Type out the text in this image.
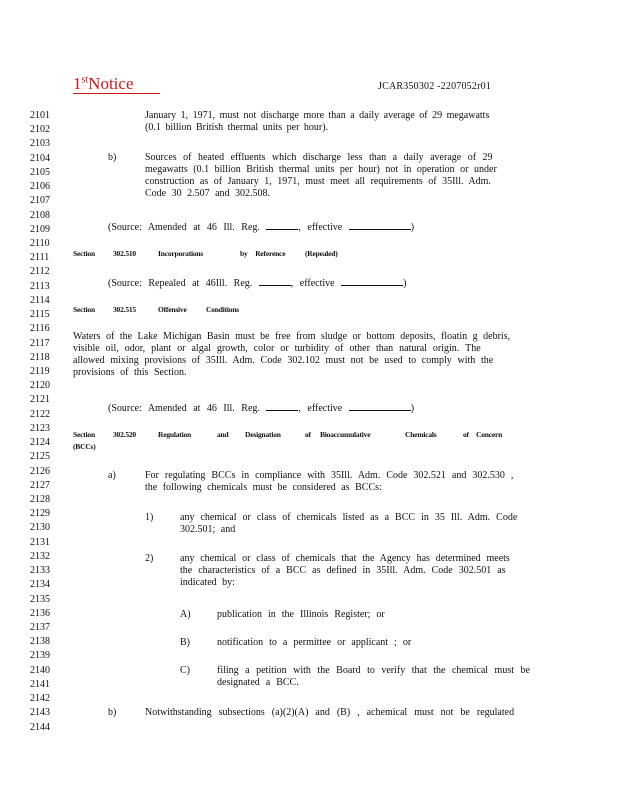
1stNotice	JCAR350302 -2207052r01
2101
2102
2103
2104
2105
2106
2107
2108
2109
2110
2111
2112
2113
2114
2115
2116
2117
2118
2119
2120
2121
2122
2123
2124
2125
2126
2127
2128
2129
2130
2131
2132
2133
2134
2135
2136
2137
2138
2139
2140
2141
2142
2143
2144
January 1, 1971, must not discharge more than a daily average of 29 megawatts
(0.1 billion British thermal units per hour).
b)	Sources of heated effluents which discharge less than a daily average of 29
megawatts (0.1 billion British thermal units per hour) not in operation or under
construction as of January 1, 1971, must meet all requirements of 35Ill. Adm.
Code 30 2.507 and 302.508.
(Source: Amended at 46 Ill. Reg.	, effective	)
Section 302.510	Incorporations	by Reference	(Repealed)
(Source: Repealed at 46Ill. Reg.	, effective	)
Section 302.515	Offensive	Conditions
Waters of the Lake Michigan Basin must be free from sludge or bottom deposits, floatin g debris,
visible oil, odor, plant or algal growth, color or turbidity of other than natural origin. The
allowed mixing provisions of 35Ill. Adm. Code 302.102 must not be used to comply with the
provisions of this Section.
(Source: Amended at 46 Ill. Reg.	, effective	)
Section 302.520	Regulation	and Designation	of Bioaccumulative	Chemicals	of Concern
(BCCs)
a)	For regulating BCCs in compliance with 35Ill. Adm. Code 302.521 and 302.530 ,
the following chemicals must be considered as BCCs:
1)	any chemical or class of chemicals listed as a BCC in 35 Ill. Adm. Code
302.501; and
2)	any chemical or class of chemicals that the Agency has determined meets
the characteristics of a BCC as defined in 35Ill. Adm. Code 302.501 as
indicated by:
A)	publication in the Illinois Register; or
B)	notification to a permittee or applicant ; or
C)	filing a petition with the Board to verify that the chemical must be
designated a BCC.
b)	Notwithstanding subsections (a)(2)(A) and (B) , achemical must not be regulated
